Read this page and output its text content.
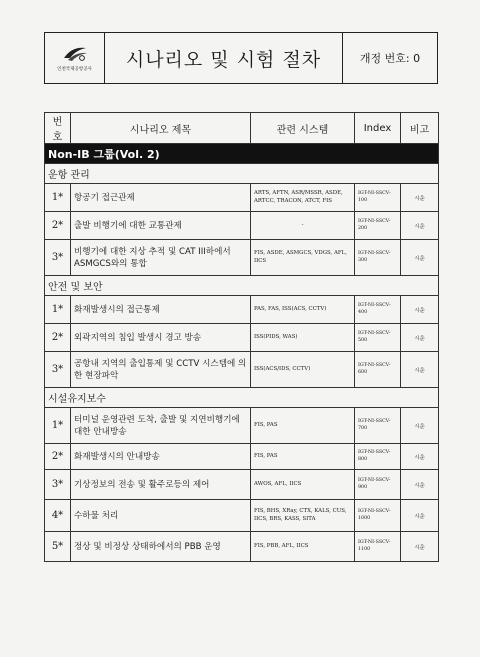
인천국제공항공사	시나리오 및 시험 절차	개정 번호: 0
번호	시나리오 제목	관련 시스템	Index	비고
Non-IB 그룹(Vol. 2)				
운항 관리				
1*	항공기 접근관제	ARTS, AFTN, ASR/MSSR, ASDE, ARTCC, TRACON, ATCT, FIS	IGT-NI-SSCV-100	시운
2*	출발 비행기에 대한 교통관제	-	IGT-NI-SSCV-200	시운
3*	비행기에 대한 지상 추적 및 CAT III하에서 ASMGCS와의 통합	FIS, ASDE, ASMGCS, VDGS, AFL, IICS	IGT-NI-SSCV-300	시운
안전 및 보안				
1*	화재발생시의 접근통제	PAS, FAS, ISS(ACS, CCTV)	IGT-NI-SSCV-400	시운
2*	외곽지역의 침입 발생시 경고 방송	ISS(PIDS, WAS)	IGT-NI-SSCV-500	시운
3*	공항내 지역의 출입통제 및 CCTV 시스템에 의한 현장파악	ISS(ACS/IDS, CCTV)	IGT-NI-SSCV-600	시운
시설유지보수				
1*	터미널 운영관련 도착, 출발 및 지연비행기에 대한 안내방송	FIS, PAS	IGT-NI-SSCV-700	시운
2*	화재발생시의 안내방송	FIS, PAS	IGT-NI-SSCV-800	시운
3*	기상정보의 전송 및 활주로등의 제어	AWOS, AFL, IICS	IGT-NI-SSCV-900	시운
4*	수하물 처리	FIS, BHS, XRay, CTX, KALS, CUS, IICS, BRS, KASS, SITA	IGT-NI-SSCV-1000	시운
5*	정상 및 비정상 상태하에서의 PBB 운영	FIS, PBB, AFL, IICS	IGT-NI-SSCV-1100	시운
